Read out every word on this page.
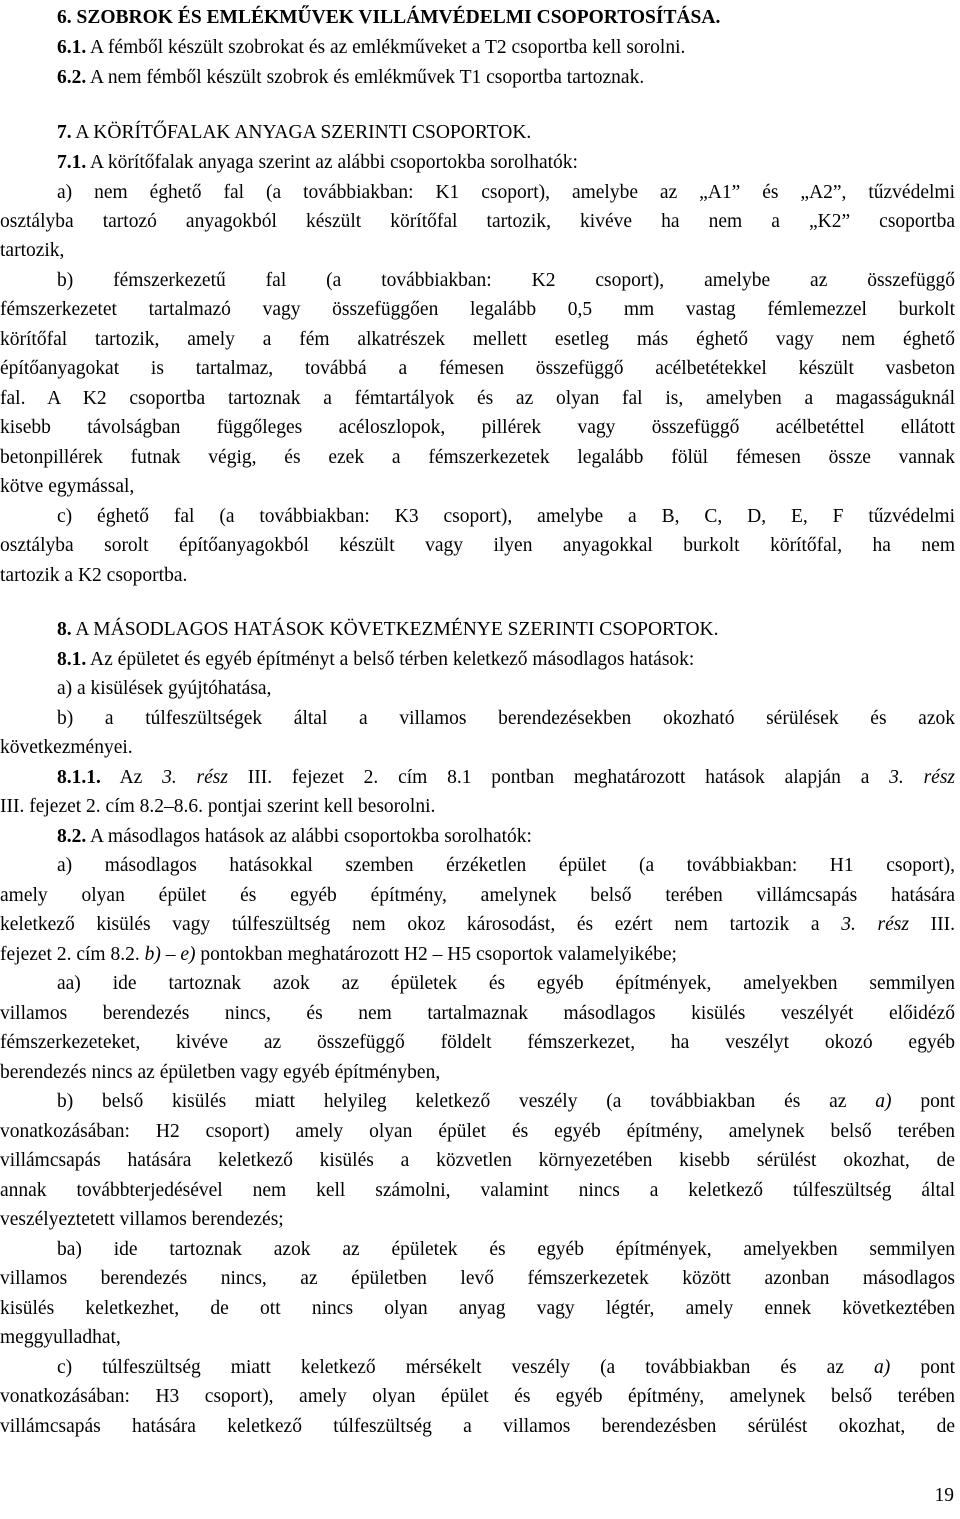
6. SZOBROK ÉS EMLÉKMŰVEK VILLÁMVÉDELMI CSOPORTOSÍTÁSA.
6.1. A fémből készült szobrokat és az emlékműveket a T2 csoportba kell sorolni.
6.2. A nem fémből készült szobrok és emlékművek T1 csoportba tartoznak.
7. A KÖRÍTŐFALAK ANYAGA SZERINTI CSOPORTOK.
7.1. A körítőfalak anyaga szerint az alábbi csoportokba sorolhatók:
a) nem éghető fal (a továbbiakban: K1 csoport), amelybe az „A1” és „A2”, tűzvédelmi
osztályba tartozó anyagokból készült körítőfal tartozik, kivéve ha nem a „K2” csoportba
tartozik,
b) fémszerkezetű fal (a továbbiakban: K2 csoport), amelybe az összefüggő
fémszerkezetet tartalmazó vagy összefüggően legalább 0,5 mm vastag fémlemezzel burkolt
körítőfal tartozik, amely a fém alkatrészek mellett esetleg más éghető vagy nem éghető
építőanyagokat is tartalmaz, továbbá a fémesen összefüggő acélbetétekkel készült vasbeton
fal. A K2 csoportba tartoznak a fémtartályok és az olyan fal is, amelyben a magasságuknál
kisebb távolságban függőleges acéloszlopok, pillérek vagy összefüggő acélbetéttel ellátott
betonpillérek futnak végig, és ezek a fémszerkezetek legalább fölül fémesen össze vannak
kötve egymással,
c) éghető fal (a továbbiakban: K3 csoport), amelybe a B, C, D, E, F tűzvédelmi
osztályba sorolt építőanyagokból készült vagy ilyen anyagokkal burkolt körítőfal, ha nem
tartozik a K2 csoportba.
8. A MÁSODLAGOS HATÁSOK KÖVETKEZMÉNYE SZERINTI CSOPORTOK.
8.1. Az épületet és egyéb építményt a belső térben keletkező másodlagos hatások:
a) a kisülések gyújtóhatása,
b) a túlfeszültségek által a villamos berendezésekben okozható sérülések és azok
következményei.
8.1.1. Az 3. rész III. fejezet 2. cím 8.1 pontban meghatározott hatások alapján a 3. rész
III. fejezet 2. cím 8.2–8.6. pontjai szerint kell besorolni.
8.2. A másodlagos hatások az alábbi csoportokba sorolhatók:
a) másodlagos hatásokkal szemben érzéketlen épület (a továbbiakban: H1 csoport),
amely olyan épület és egyéb építmény, amelynek belső terében villámcsapás hatására
keletkező kisülés vagy túlfeszültség nem okoz károsodást, és ezért nem tartozik a 3. rész III.
fejezet 2. cím 8.2. b) – e) pontokban meghatározott H2 – H5 csoportok valamelyikébe;
aa) ide tartoznak azok az épületek és egyéb építmények, amelyekben semmilyen
villamos berendezés nincs, és nem tartalmaznak másodlagos kisülés veszélyét előidéző
fémszerkezeteket, kivéve az összefüggő földelt fémszerkezet, ha veszélyt okozó egyéb
berendezés nincs az épületben vagy egyéb építményben,
b) belső kisülés miatt helyileg keletkező veszély (a továbbiakban és az a) pont
vonatkozásában: H2 csoport) amely olyan épület és egyéb építmény, amelynek belső terében
villámcsapás hatására keletkező kisülés a közvetlen környezetében kisebb sérülést okozhat, de
annak továbbterjedésével nem kell számolni, valamint nincs a keletkező túlfeszültség által
veszélyeztetett villamos berendezés;
ba) ide tartoznak azok az épületek és egyéb építmények, amelyekben semmilyen
villamos berendezés nincs, az épületben levő fémszerkezetek között azonban másodlagos
kisülés keletkezhet, de ott nincs olyan anyag vagy légtér, amely ennek következtében
meggyulladhat,
c) túlfeszültség miatt keletkező mérsékelt veszély (a továbbiakban és az a) pont
vonatkozásában: H3 csoport), amely olyan épület és egyéb építmény, amelynek belső terében
villámcsapás hatására keletkező túlfeszültség a villamos berendezésben sérülést okozhat, de
19
